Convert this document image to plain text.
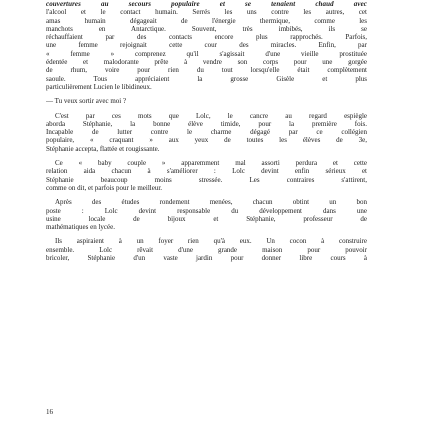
couvertures au secours populaire et se tenaient chaud avec
l'alcool et le contact humain. Serrés les uns contre les autres, cet
amas humain dégageait de l'énergie thermique, comme les
manchots en Antarctique. Souvent, très imbibés, ils se
réchauffaient par des contacts encore plus rapprochés. Parfois,
une femme rejoignait cette cour des miracles. Enfin, par
« femme » comprenez qu'il s'agissait d'une vieille prostituée
édentée et malodorante prête à vendre son corps pour une gorgée
de rhum, voire pour rien du tout lorsqu'elle était complètement
saoule. Tous appréciaient la grosse Gisèle et plus
particulièrement Lucien le libidineux.
— Tu veux sortir avec moi ?
C'est par ces mots que Lolc, le cancre au regard espiègle
aborda Stéphanie, la bonne élève timide, pour la première fois.
Incapable de lutter contre le charme dégagé par ce collégien
populaire, « craquant » aux yeux de toutes les élèves de 3e,
Stéphanie accepta, flattée et rougissante.
Ce « baby couple » apparemment mal assorti perdura et cette
relation aida chacun à s'améliorer : Lolc devint enfin sérieux et
Stéphanie beaucoup moins stressée. Les contraires s'attirent,
comme on dit, et parfois pour le meilleur.
Après des études rondement menées, chacun obtint un bon
poste : Lolc devint responsable du développement dans une
usine locale de bijoux et Stéphanie, professeur de
mathématiques en lycée.
Ils aspiraient à un foyer rien qu'à eux. Un cocon à construire
ensemble. Lolc rêvait d'une grande maison pour pouvoir
bricoler, Stéphanie d'un vaste jardin pour donner libre cours à
16
